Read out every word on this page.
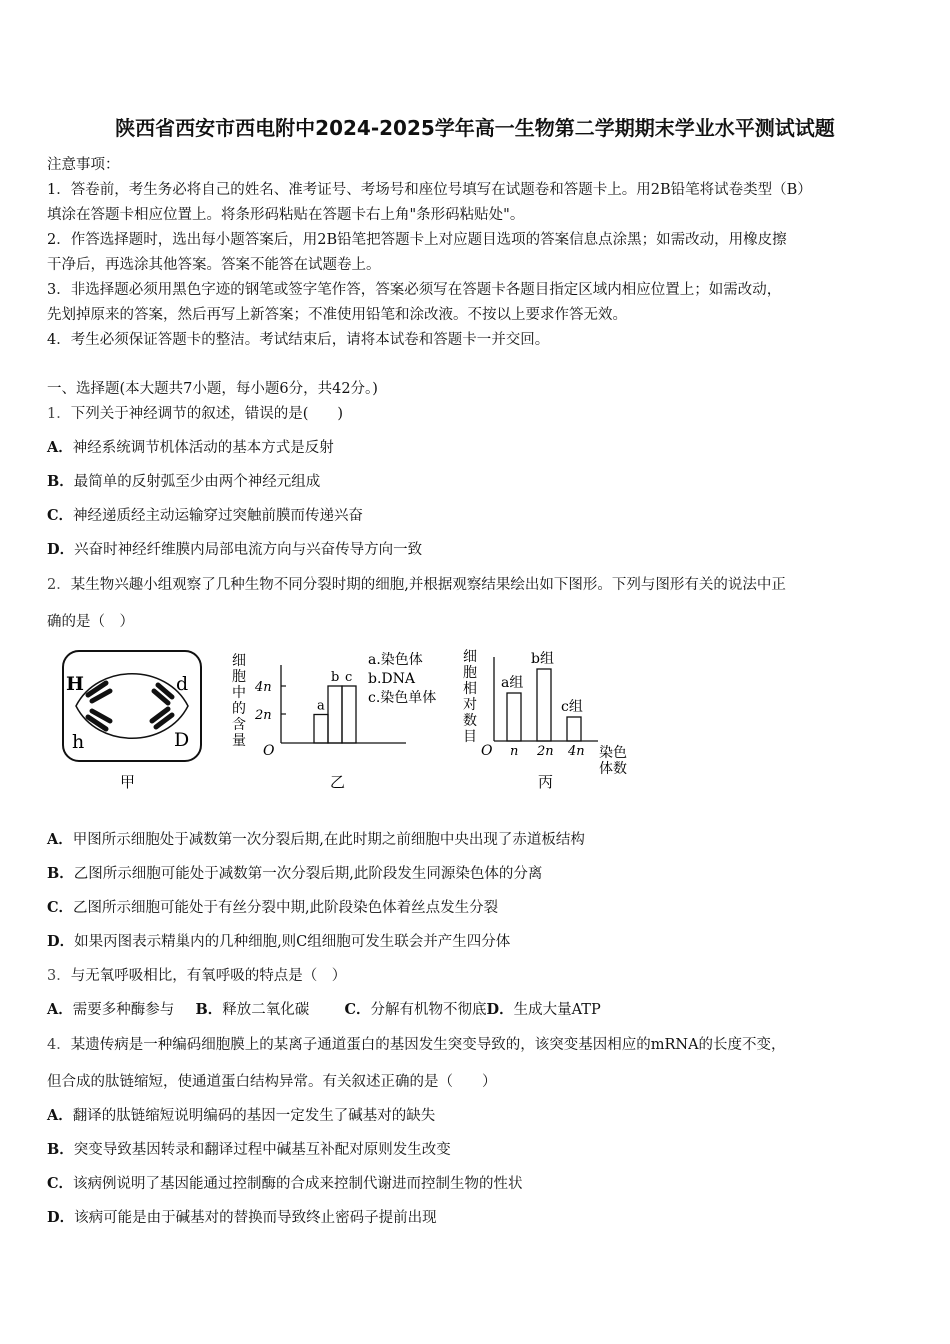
陕西省西安市西电附中2024-2025学年高一生物第二学期期末学业水平测试试题
注意事项：
1．答卷前，考生务必将自己的姓名、准考证号、考场号和座位号填写在试题卷和答题卡上。用2B铅笔将试卷类型（B）
填涂在答题卡相应位置上。将条形码粘贴在答题卡右上角"条形码粘贴处"。
2．作答选择题时，选出每小题答案后，用2B铅笔把答题卡上对应题目选项的答案信息点涂黑；如需改动，用橡皮擦
干净后，再选涂其他答案。答案不能答在试题卷上。
3．非选择题必须用黑色字迹的钢笔或签字笔作答，答案必须写在答题卡各题目指定区域内相应位置上；如需改动，
先划掉原来的答案，然后再写上新答案；不准使用铅笔和涂改液。不按以上要求作答无效。
4．考生必须保证答题卡的整洁。考试结束后，请将本试卷和答题卡一并交回。
一、选择题(本大题共7小题，每小题6分，共42分。)
1．下列关于神经调节的叙述，错误的是(　　)
A．神经系统调节机体活动的基本方式是反射
B．最简单的反射弧至少由两个神经元组成
C．神经递质经主动运输穿过突触前膜而传递兴奋
D．兴奋时神经纤维膜内局部电流方向与兴奋传导方向一致
2．某生物兴趣小组观察了几种生物不同分裂时期的细胞,并根据观察结果绘出如下图形。下列与图形有关的说法中正
确的是（　）
H	d
h	D
甲
细
胞
中
的
含
量
4n
2n
O
a
b c
a.染色体
b.DNA
c.染色单体
乙
细
胞
相
对
数
目
O n 2n 4n 染色
体数
a组
b组
c组
丙
A．甲图所示细胞处于减数第一次分裂后期,在此时期之前细胞中央出现了赤道板结构
B．乙图所示细胞可能处于减数第一次分裂后期,此阶段发生同源染色体的分离
C．乙图所示细胞可能处于有丝分裂中期,此阶段染色体着丝点发生分裂
D．如果丙图表示精巢内的几种细胞,则C组细胞可发生联会并产生四分体
3．与无氧呼吸相比，有氧呼吸的特点是（　）
A．需要多种酶参与 B．释放二氧化碳 C．分解有机物不彻底D．生成大量ATP
4．某遗传病是一种编码细胞膜上的某离子通道蛋白的基因发生突变导致的，该突变基因相应的mRNA的长度不变，
但合成的肽链缩短，使通道蛋白结构异常。有关叙述正确的是（　　）
A．翻译的肽链缩短说明编码的基因一定发生了碱基对的缺失
B．突变导致基因转录和翻译过程中碱基互补配对原则发生改变
C．该病例说明了基因能通过控制酶的合成来控制代谢进而控制生物的性状
D．该病可能是由于碱基对的替换而导致终止密码子提前出现
